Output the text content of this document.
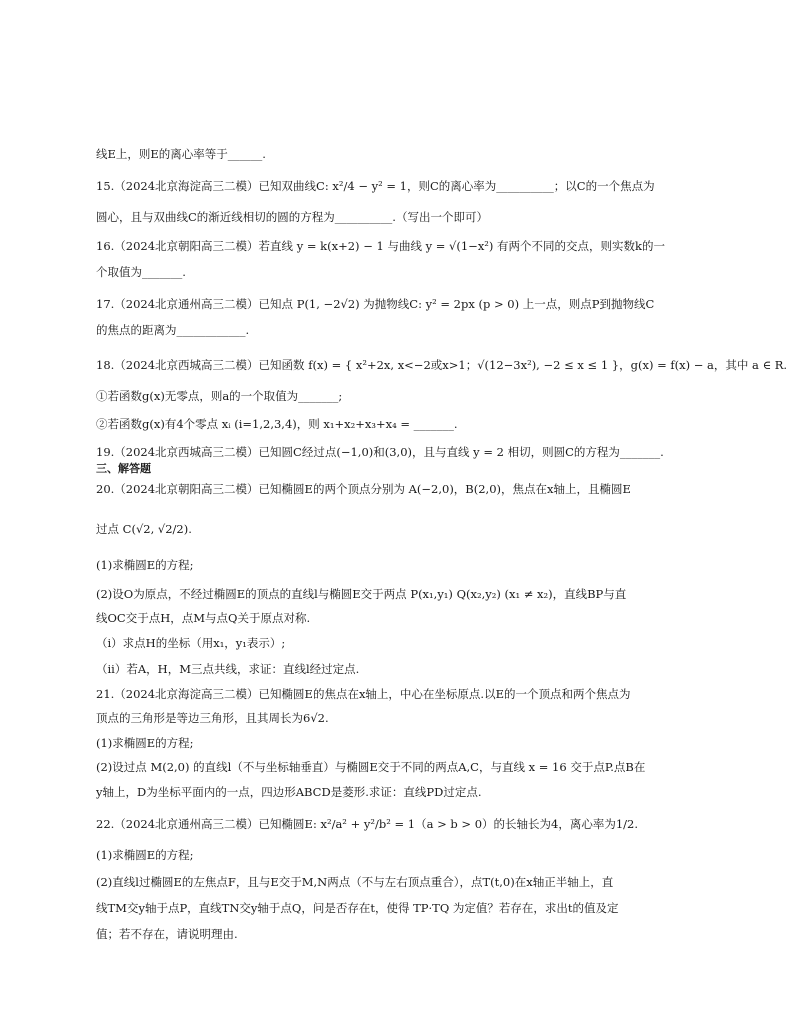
线E上，则E的离心率等于______.
15.（2024北京海淀高三二模）已知双曲线C: x²/4 − y² = 1，则C的离心率为__________；以C的一个焦点为
圆心，且与双曲线C的渐近线相切的圆的方程为__________.（写出一个即可）
16.（2024北京朝阳高三二模）若直线 y = k(x+2) − 1 与曲线 y = √(1−x²) 有两个不同的交点，则实数k的一
个取值为_______.
17.（2024北京通州高三二模）已知点 P(1, −2√2) 为抛物线C: y² = 2px (p > 0) 上一点，则点P到抛物线C
的焦点的距离为____________.
18.（2024北京西城高三二模）已知函数 f(x) = { x²+2x, x<−2或x>1；√(12−3x²), −2 ≤ x ≤ 1 }，g(x) = f(x) − a，其中 a ∈ R.
①若函数g(x)无零点，则a的一个取值为_______;
②若函数g(x)有4个零点 xᵢ (i=1,2,3,4)，则 x₁+x₂+x₃+x₄ = _______.
19.（2024北京西城高三二模）已知圆C经过点(−1,0)和(3,0)，且与直线 y = 2 相切，则圆C的方程为_______.
三、解答题
20.（2024北京朝阳高三二模）已知椭圆E的两个顶点分别为 A(−2,0)，B(2,0)，焦点在x轴上，且椭圆E
过点 C(√2, √2/2).
(1)求椭圆E的方程;
(2)设O为原点，不经过椭圆E的顶点的直线l与椭圆E交于两点 P(x₁,y₁) Q(x₂,y₂) (x₁ ≠ x₂)，直线BP与直
线OC交于点H，点M与点Q关于原点对称.
（i）求点H的坐标（用x₁，y₁表示）;
（ii）若A，H，M三点共线，求证：直线l经过定点.
21.（2024北京海淀高三二模）已知椭圆E的焦点在x轴上，中心在坐标原点.以E的一个顶点和两个焦点为
顶点的三角形是等边三角形，且其周长为6√2.
(1)求椭圆E的方程;
(2)设过点 M(2,0) 的直线l（不与坐标轴垂直）与椭圆E交于不同的两点A,C，与直线 x = 16 交于点P.点B在
y轴上，D为坐标平面内的一点，四边形ABCD是菱形.求证：直线PD过定点.
22.（2024北京通州高三二模）已知椭圆E: x²/a² + y²/b² = 1（a > b > 0）的长轴长为4，离心率为1/2.
(1)求椭圆E的方程;
(2)直线l过椭圆E的左焦点F，且与E交于M,N两点（不与左右顶点重合），点T(t,0)在x轴正半轴上，直
线TM交y轴于点P，直线TN交y轴于点Q，问是否存在t，使得 TP·TQ 为定值？若存在，求出t的值及定
值；若不存在，请说明理由.
